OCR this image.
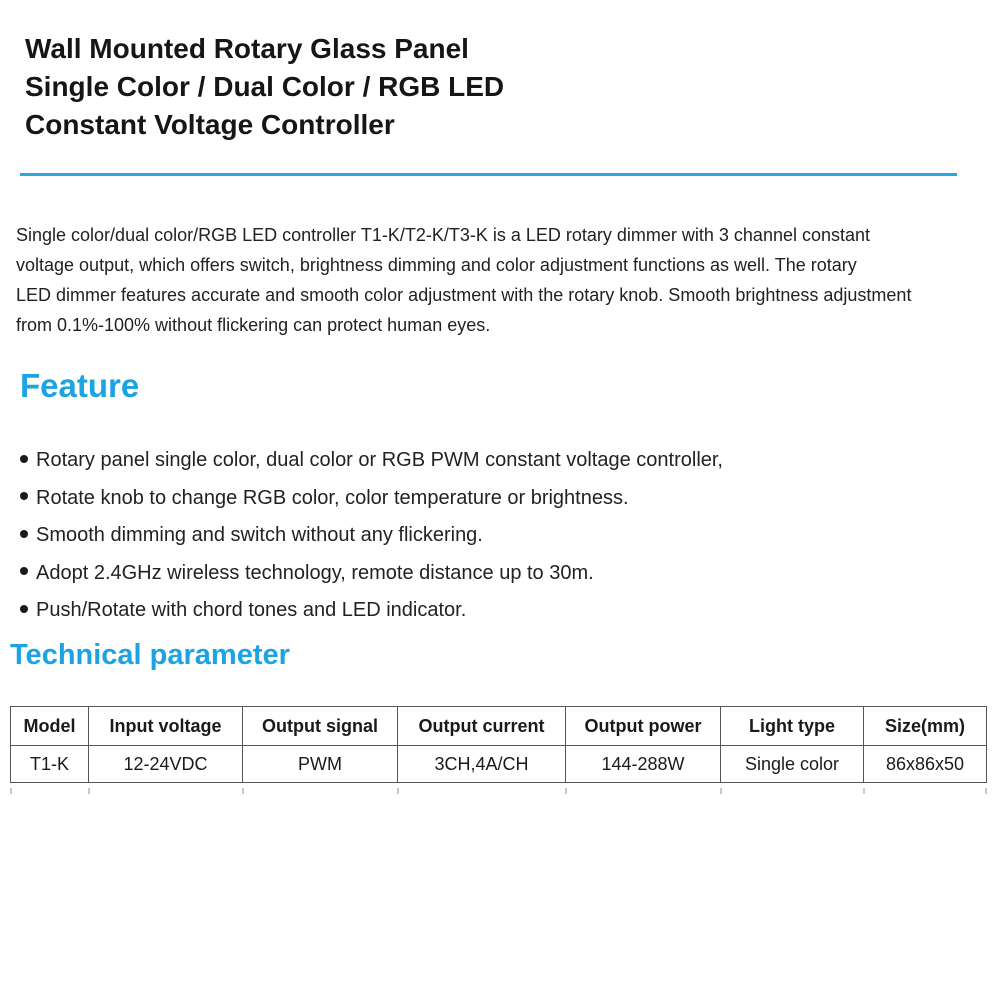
Wall Mounted Rotary Glass Panel
Single Color / Dual Color / RGB LED
Constant Voltage Controller
Single color/dual color/RGB LED controller T1-K/T2-K/T3-K is a LED rotary dimmer with 3 channel constant
voltage output, which offers switch, brightness dimming and color adjustment functions as well. The rotary
LED dimmer features accurate and smooth color adjustment with the rotary knob. Smooth brightness adjustment
from 0.1%-100% without flickering can protect human eyes.
Feature
Rotary panel single color, dual color or RGB PWM constant voltage controller,
Rotate knob to change RGB color, color temperature or brightness.
Smooth dimming and switch without any flickering.
Adopt 2.4GHz wireless technology, remote distance up to 30m.
Push/Rotate with chord tones and LED indicator.
Technical parameter
Model	Input voltage	Output signal	Output current	Output power	Light type	Size(mm)
T1-K	12-24VDC	PWM	3CH,4A/CH	144-288W	Single color	86x86x50
